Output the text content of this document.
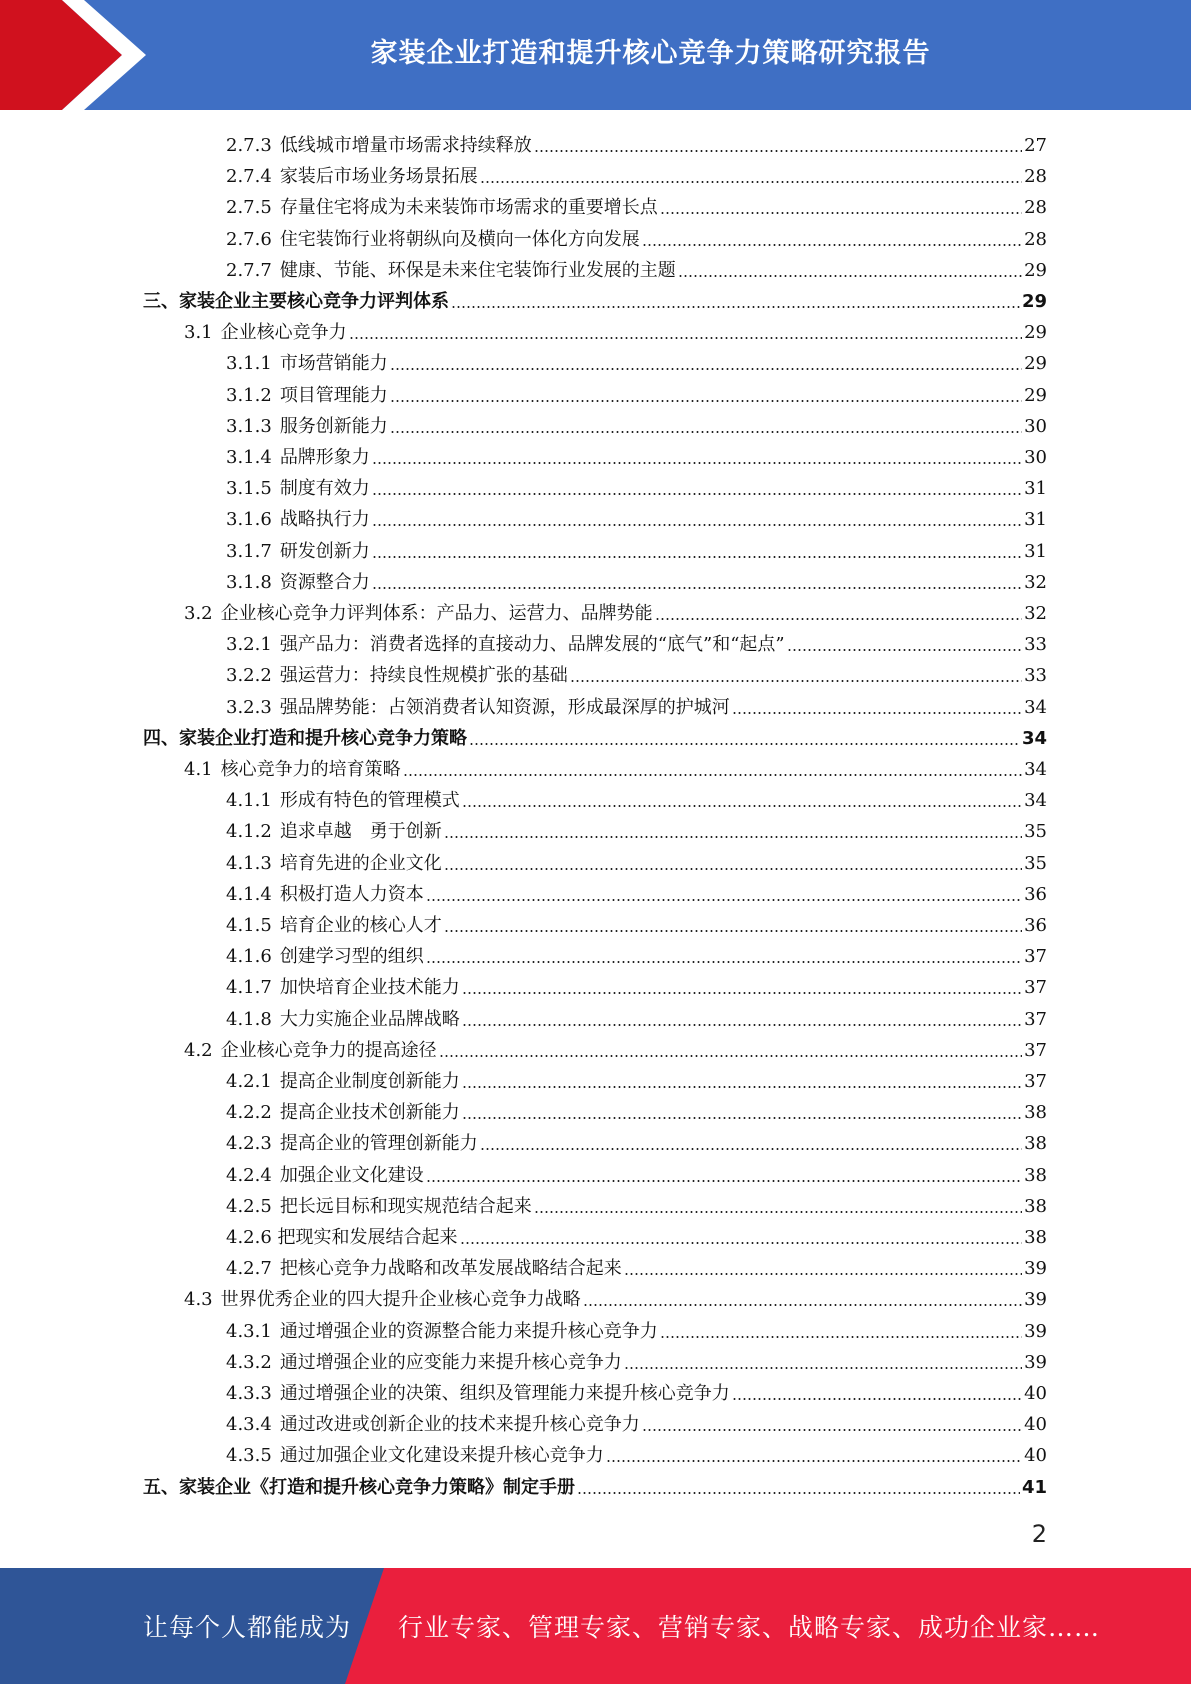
家装企业打造和提升核心竞争力策略研究报告
2.7.3 低线城市增量市场需求持续释放	27
2.7.4 家装后市场业务场景拓展	28
2.7.5 存量住宅将成为未来装饰市场需求的重要增长点	28
2.7.6 住宅装饰行业将朝纵向及横向一体化方向发展	28
2.7.7 健康、节能、环保是未来住宅装饰行业发展的主题	29
三、家装企业主要核心竞争力评判体系	29
3.1 企业核心竞争力	29
3.1.1 市场营销能力	29
3.1.2 项目管理能力	29
3.1.3 服务创新能力	30
3.1.4 品牌形象力	30
3.1.5 制度有效力	31
3.1.6 战略执行力	31
3.1.7 研发创新力	31
3.1.8 资源整合力	32
3.2 企业核心竞争力评判体系：产品力、运营力、品牌势能	32
3.2.1 强产品力：消费者选择的直接动力、品牌发展的“底气”和“起点”	33
3.2.2 强运营力：持续良性规模扩张的基础	33
3.2.3 强品牌势能：占领消费者认知资源，形成最深厚的护城河	34
四、家装企业打造和提升核心竞争力策略	34
4.1 核心竞争力的培育策略	34
4.1.1 形成有特色的管理模式	34
4.1.2 追求卓越　勇于创新	35
4.1.3 培育先进的企业文化	35
4.1.4 积极打造人力资本	36
4.1.5 培育企业的核心人才	36
4.1.6 创建学习型的组织	37
4.1.7 加快培育企业技术能力	37
4.1.8 大力实施企业品牌战略	37
4.2 企业核心竞争力的提高途径	37
4.2.1 提高企业制度创新能力	37
4.2.2 提高企业技术创新能力	38
4.2.3 提高企业的管理创新能力	38
4.2.4 加强企业文化建设	38
4.2.5 把长远目标和现实规范结合起来	38
4.2.6 把现实和发展结合起来	38
4.2.7 把核心竞争力战略和改革发展战略结合起来	39
4.3 世界优秀企业的四大提升企业核心竞争力战略	39
4.3.1 通过增强企业的资源整合能力来提升核心竞争力	39
4.3.2 通过增强企业的应变能力来提升核心竞争力	39
4.3.3 通过增强企业的决策、组织及管理能力来提升核心竞争力	40
4.3.4 通过改进或创新企业的技术来提升核心竞争力	40
4.3.5 通过加强企业文化建设来提升核心竞争力	40
五、家装企业《打造和提升核心竞争力策略》制定手册	41
2
让每个人都能成为 行业专家、管理专家、营销专家、战略专家、成功企业家……
